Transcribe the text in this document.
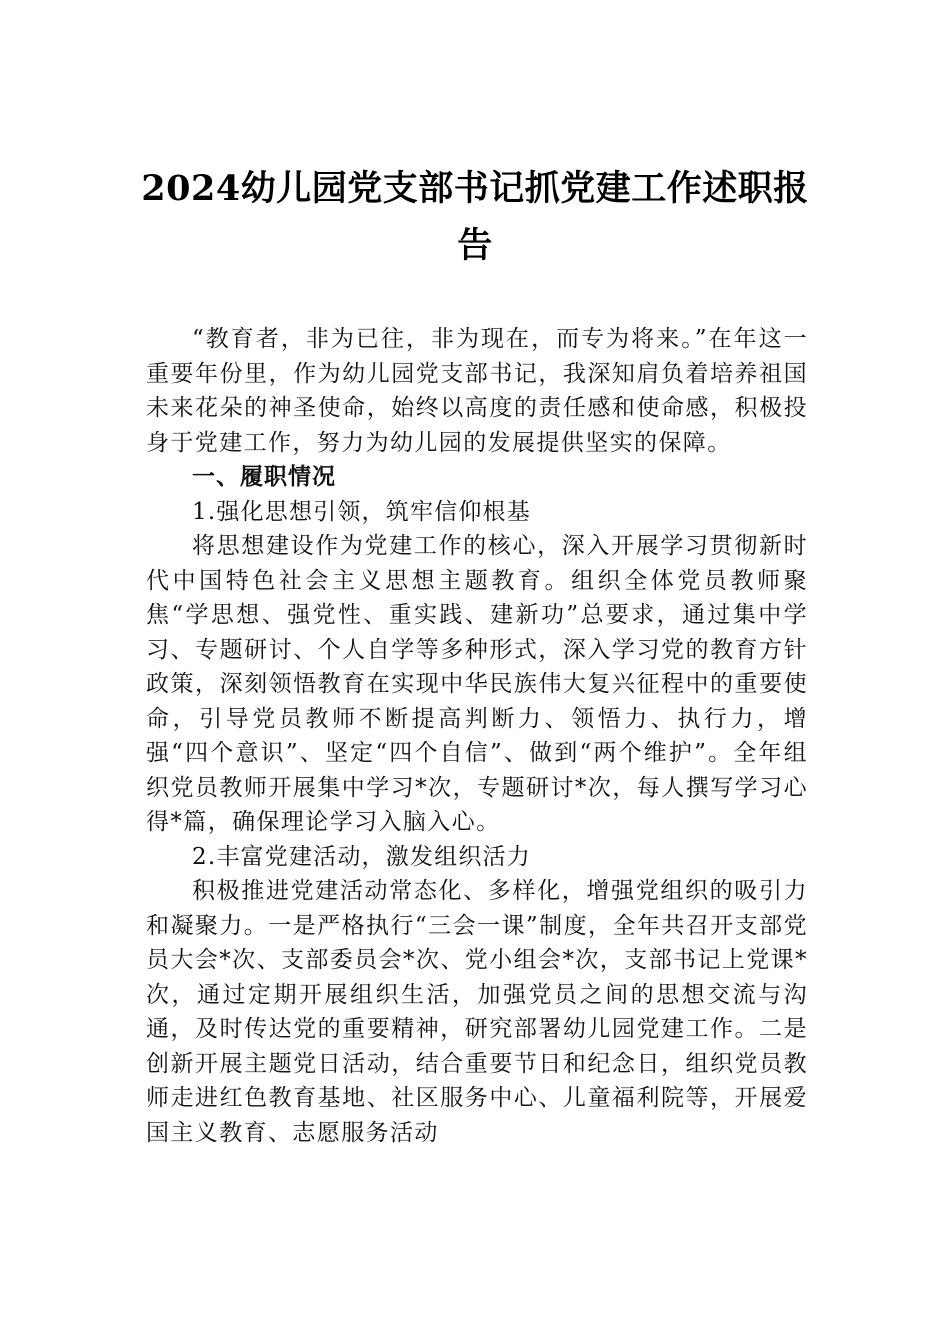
2024幼儿园党支部书记抓党建工作述职报告

“教育者，非为已往，非为现在，而专为将来。”在年这一重要年份里，作为幼儿园党支部书记，我深知肩负着培养祖国未来花朵的神圣使命，始终以高度的责任感和使命感，积极投身于党建工作，努力为幼儿园的发展提供坚实的保障。

一、履职情况

1.强化思想引领，筑牢信仰根基

将思想建设作为党建工作的核心，深入开展学习贯彻新时代中国特色社会主义思想主题教育。组织全体党员教师聚焦“学思想、强党性、重实践、建新功”总要求，通过集中学习、专题研讨、个人自学等多种形式，深入学习党的教育方针政策，深刻领悟教育在实现中华民族伟大复兴征程中的重要使命，引导党员教师不断提高判断力、领悟力、执行力，增强“四个意识”、坚定“四个自信”、做到“两个维护”。全年组织党员教师开展集中学习*次，专题研讨*次，每人撰写学习心得*篇，确保理论学习入脑入心。

2.丰富党建活动，激发组织活力

积极推进党建活动常态化、多样化，增强党组织的吸引力和凝聚力。一是严格执行“三会一课”制度，全年共召开支部党员大会*次、支部委员会*次、党小组会*次，支部书记上党课*次，通过定期开展组织生活，加强党员之间的思想交流与沟通，及时传达党的重要精神，研究部署幼儿园党建工作。二是创新开展主题党日活动，结合重要节日和纪念日，组织党员教师走进红色教育基地、社区服务中心、儿童福利院等，开展爱国主义教育、志愿服务活动
